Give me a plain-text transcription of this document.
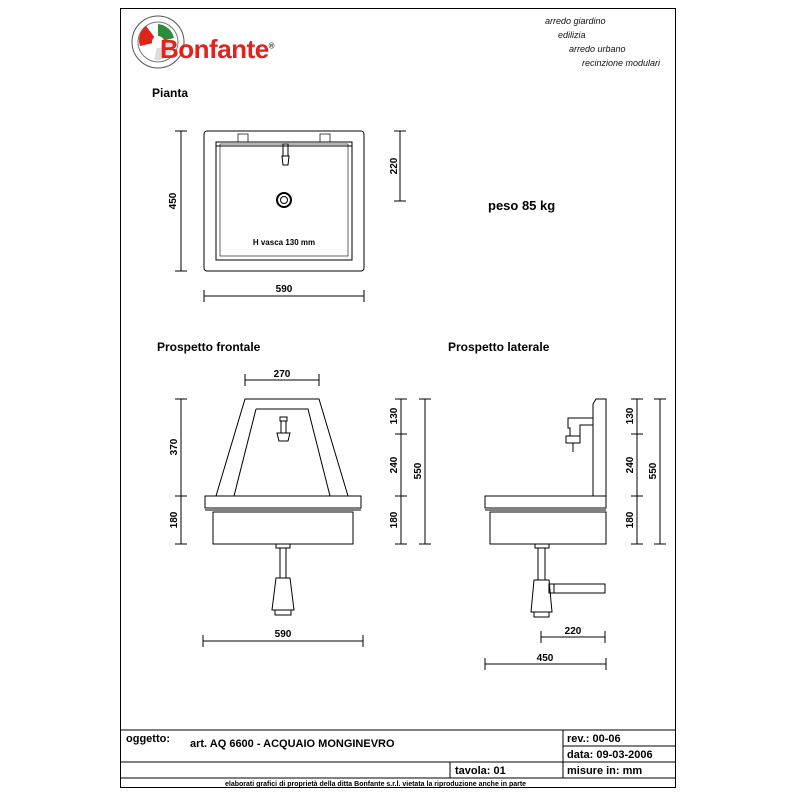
Bonfante®
arredo giardino
edilizia
arredo urbano
recinzione modulari
Pianta
peso 85 kg
Prospetto frontale	Prospetto laterale
450
220
590
H vasca 130 mm
270
370
180
130
240
180
550
590
130
240
180
550
220
450
oggetto: art. AQ 6600 - ACQUAIO MONGINEVRO	rev.: 00-06
data: 09-03-2006
tavola: 01	misure in: mm
elaborati grafici di proprietà della ditta Bonfante s.r.l. vietata la riproduzione anche in parte
